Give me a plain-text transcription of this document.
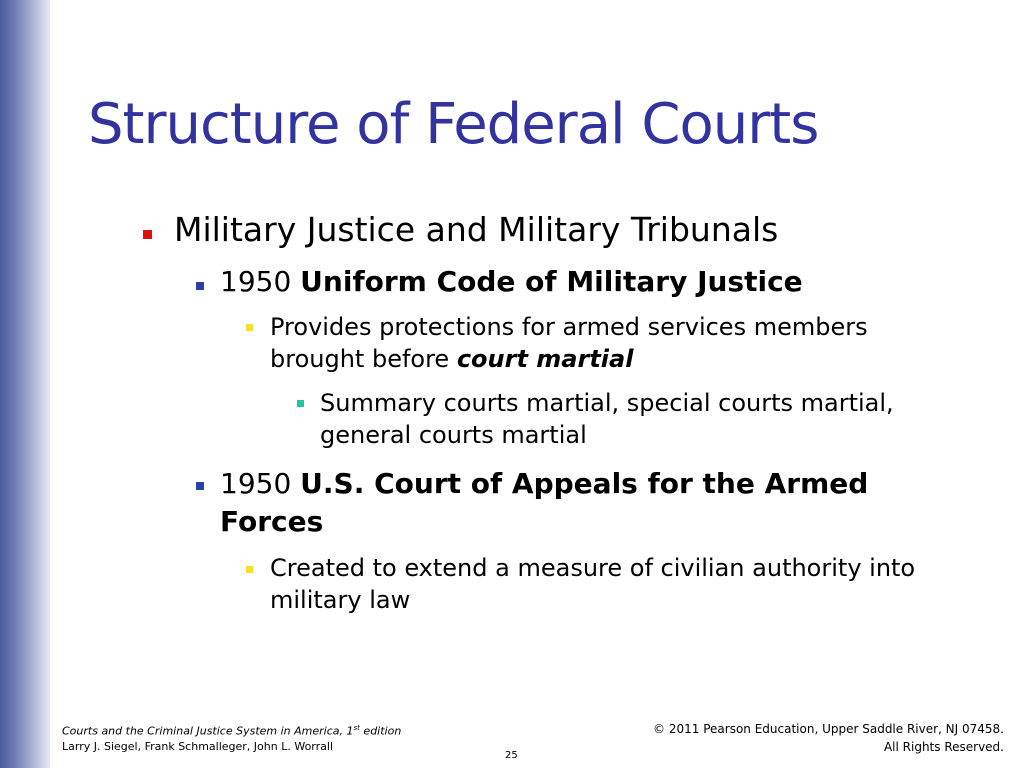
Structure of Federal Courts
Military Justice and Military Tribunals
1950 Uniform Code of Military Justice
Provides protections for armed services members
brought before court martial
Summary courts martial, special courts martial,
general courts martial
1950 U.S. Court of Appeals for the Armed
Forces
Created to extend a measure of civilian authority into
military law
Courts and the Criminal Justice System in America, 1st edition
Larry J. Siegel, Frank Schmalleger, John L. Worrall
25
© 2011 Pearson Education, Upper Saddle River, NJ 07458.
All Rights Reserved.
